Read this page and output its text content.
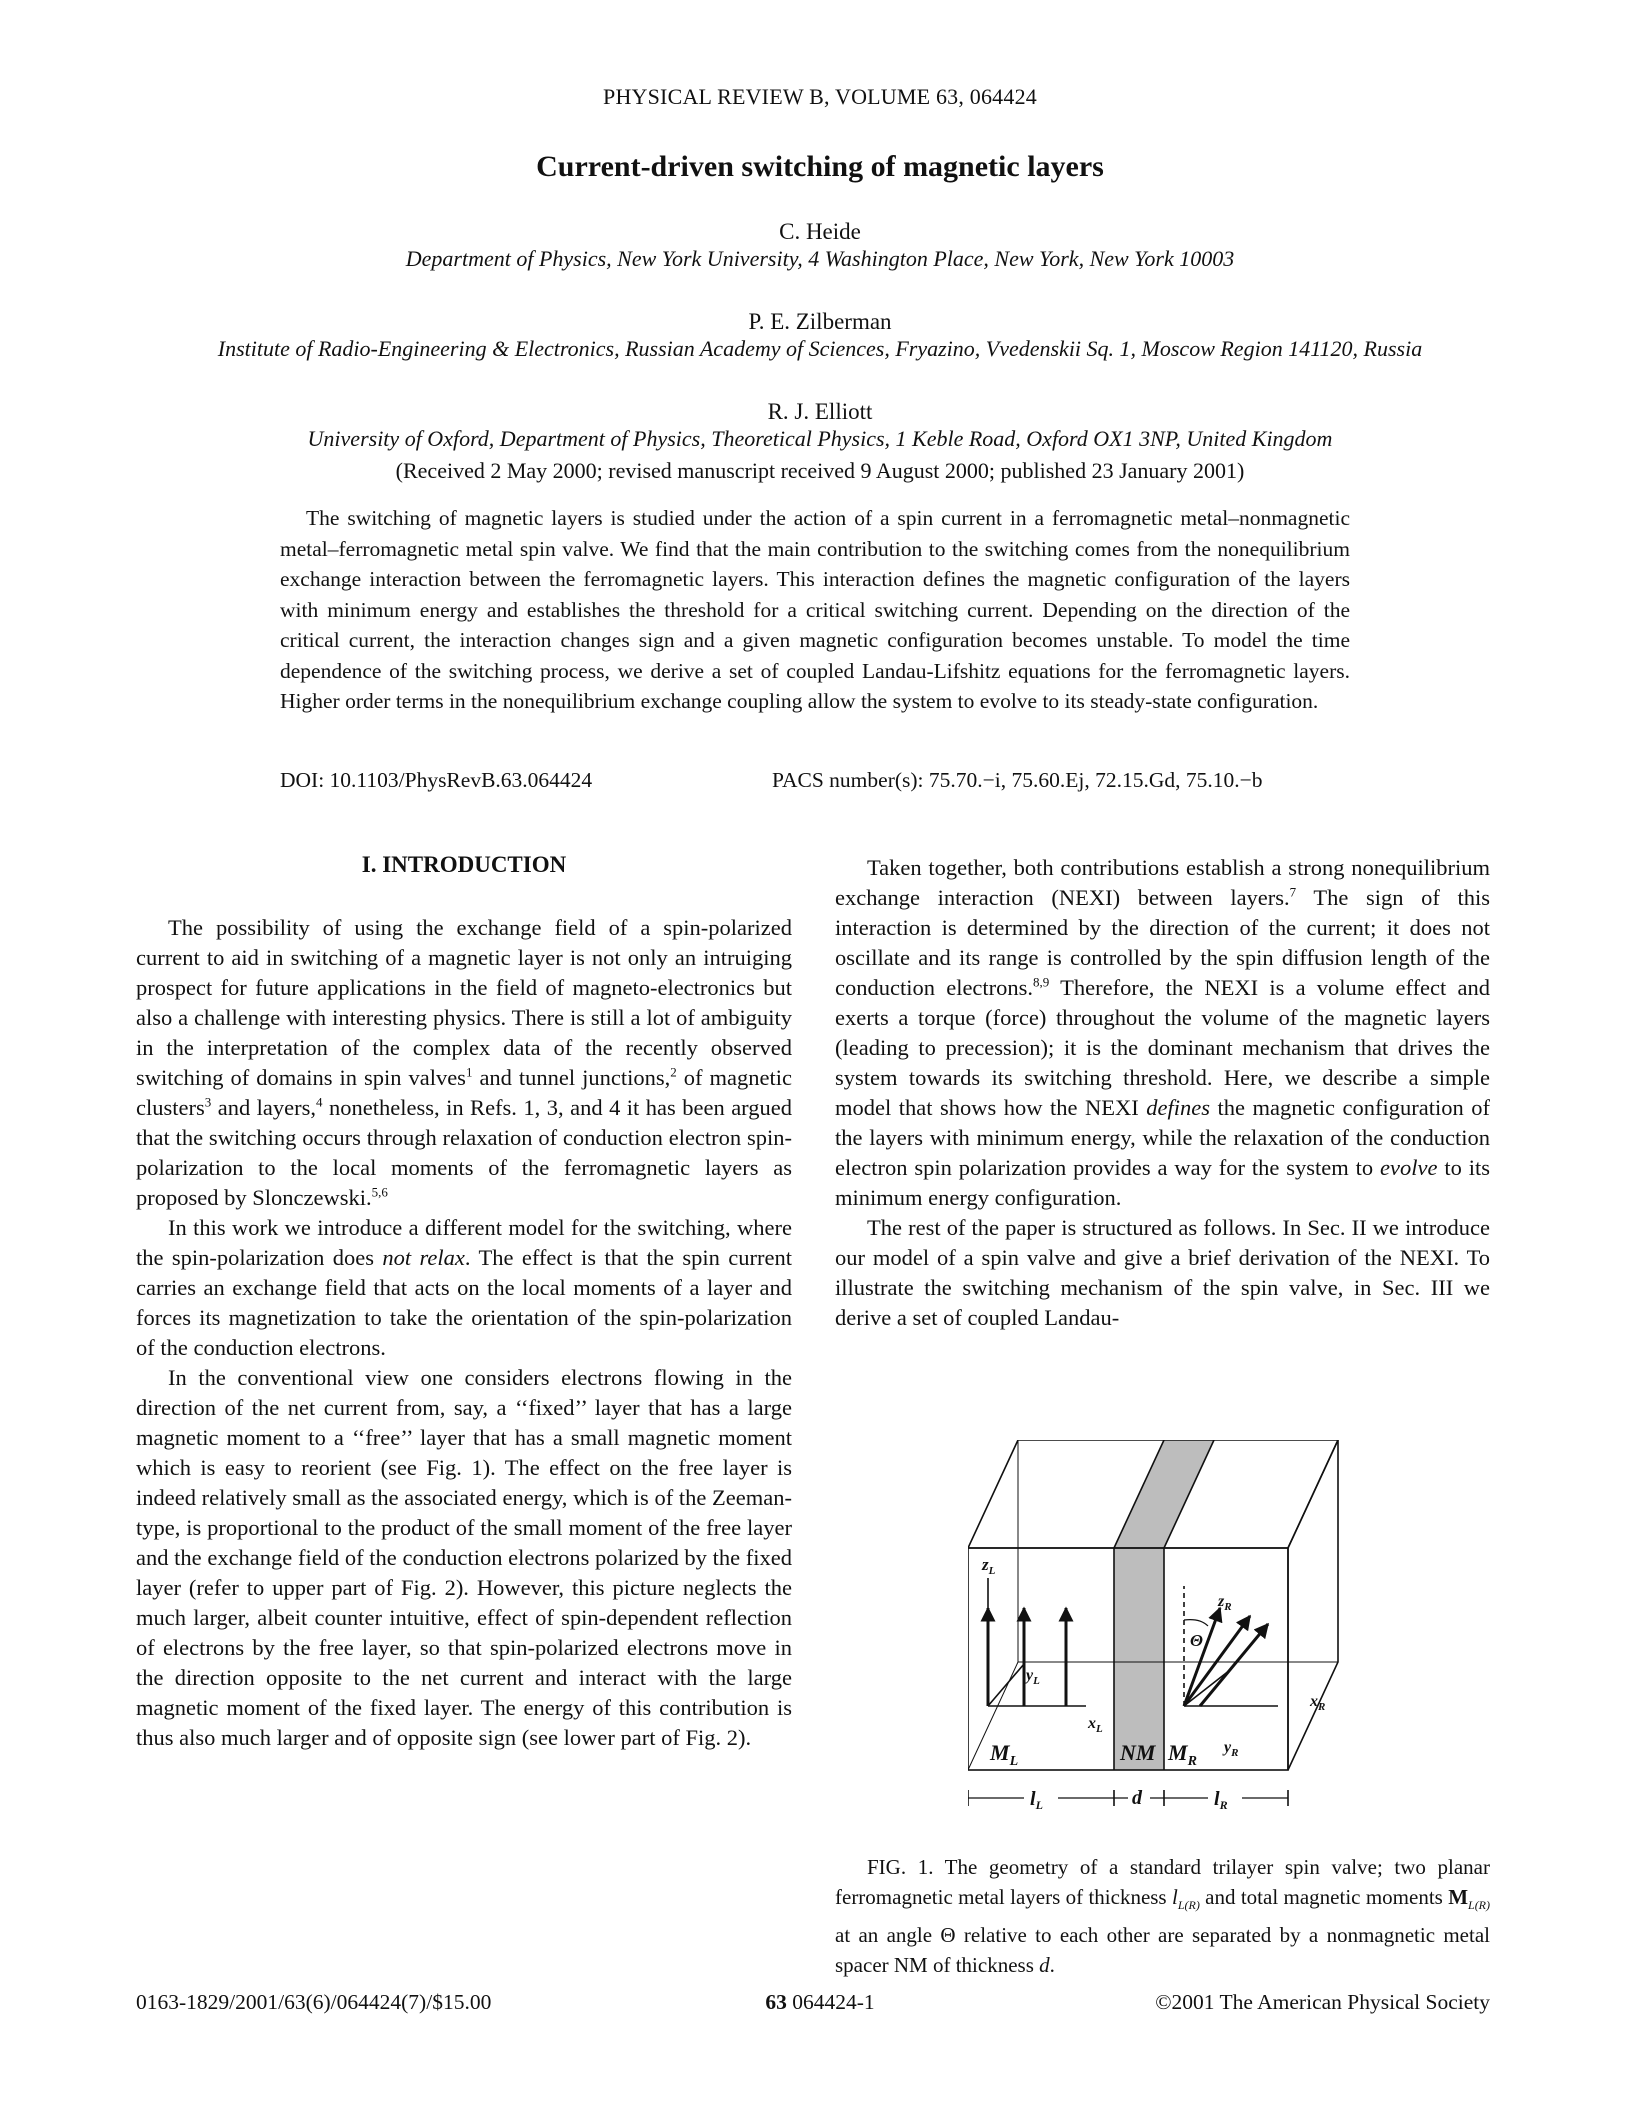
PHYSICAL REVIEW B, VOLUME 63, 064424
Current-driven switching of magnetic layers
C. Heide
Department of Physics, New York University, 4 Washington Place, New York, New York 10003
P. E. Zilberman
Institute of Radio-Engineering & Electronics, Russian Academy of Sciences, Fryazino, Vvedenskii Sq. 1, Moscow Region 141120, Russia
R. J. Elliott
University of Oxford, Department of Physics, Theoretical Physics, 1 Keble Road, Oxford OX1 3NP, United Kingdom
(Received 2 May 2000; revised manuscript received 9 August 2000; published 23 January 2001)
The switching of magnetic layers is studied under the action of a spin current in a ferromagnetic metal–nonmagnetic metal–ferromagnetic metal spin valve. We find that the main contribution to the switching comes from the nonequilibrium exchange interaction between the ferromagnetic layers. This interaction defines the magnetic configuration of the layers with minimum energy and establishes the threshold for a critical switching current. Depending on the direction of the critical current, the interaction changes sign and a given magnetic configuration becomes unstable. To model the time dependence of the switching process, we derive a set of coupled Landau-Lifshitz equations for the ferromagnetic layers. Higher order terms in the nonequilibrium exchange coupling allow the system to evolve to its steady-state configuration.
DOI: 10.1103/PhysRevB.63.064424	PACS number(s): 75.70.−i, 75.60.Ej, 72.15.Gd, 75.10.−b
I. INTRODUCTION

The possibility of using the exchange field of a spin-polarized current to aid in switching of a magnetic layer is not only an intruiging prospect for future applications in the field of magneto-electronics but also a challenge with interesting physics. There is still a lot of ambiguity in the interpretation of the complex data of the recently observed switching of domains in spin valves$^1$ and tunnel junctions,$^2$ of magnetic clusters$^3$ and layers,$^4$ nonetheless, in Refs. 1, 3, and 4 it has been argued that the switching occurs through relaxation of conduction electron spin-polarization to the local moments of the ferromagnetic layers as proposed by Slonczewski.$^{5,6}$

In this work we introduce a different model for the switching, where the spin-polarization does not relax. The effect is that the spin current carries an exchange field that acts on the local moments of a layer and forces its magnetization to take the orientation of the spin-polarization of the conduction electrons.

In the conventional view one considers electrons flowing in the direction of the net current from, say, a ‘‘fixed’’ layer that has a large magnetic moment to a ‘‘free’’ layer that has a small magnetic moment which is easy to reorient (see Fig. 1). The effect on the free layer is indeed relatively small as the associated energy, which is of the Zeeman-type, is proportional to the product of the small moment of the free layer and the exchange field of the conduction electrons polarized by the fixed layer (refer to upper part of Fig. 2). However, this picture neglects the much larger, albeit counter intuitive, effect of spin-dependent reflection of electrons by the free layer, so that spin-polarized electrons move in the direction opposite to the net current and interact with the large magnetic moment of the fixed layer. The energy of this contribution is thus also much larger and of opposite sign (see lower part of Fig. 2).

Taken together, both contributions establish a strong nonequilibrium exchange interaction (NEXI) between layers.$^7$ The sign of this interaction is determined by the direction of the current; it does not oscillate and its range is controlled by the spin diffusion length of the conduction electrons.$^{8,9}$ Therefore, the NEXI is a volume effect and exerts a torque (force) throughout the volume of the magnetic layers (leading to precession); it is the dominant mechanism that drives the system towards its switching threshold. Here, we describe a simple model that shows how the NEXI defines the magnetic configuration of the layers with minimum energy, while the relaxation of the conduction electron spin polarization provides a way for the system to evolve to its minimum energy configuration.

The rest of the paper is structured as follows. In Sec. II we introduce our model of a spin valve and give a brief derivation of the NEXI. To illustrate the switching mechanism of the spin valve, in Sec. III we derive a set of coupled Landau-

$z_L$
$y_L$
$x_L$
$M_L$	NM $M_R$
$y_R$
$x_R$
$z_R$
Θ
$l_L$	d	$l_R$
FIG. 1. The geometry of a standard trilayer spin valve; two planar ferromagnetic metal layers of thickness $l_{L(R)}$ and total magnetic moments $M_{L(R)}$ at an angle Θ relative to each other are separated by a nonmagnetic metal spacer NM of thickness d.
0163-1829/2001/63(6)/064424(7)/$15.00	63 064424-1	©2001 The American Physical Society
